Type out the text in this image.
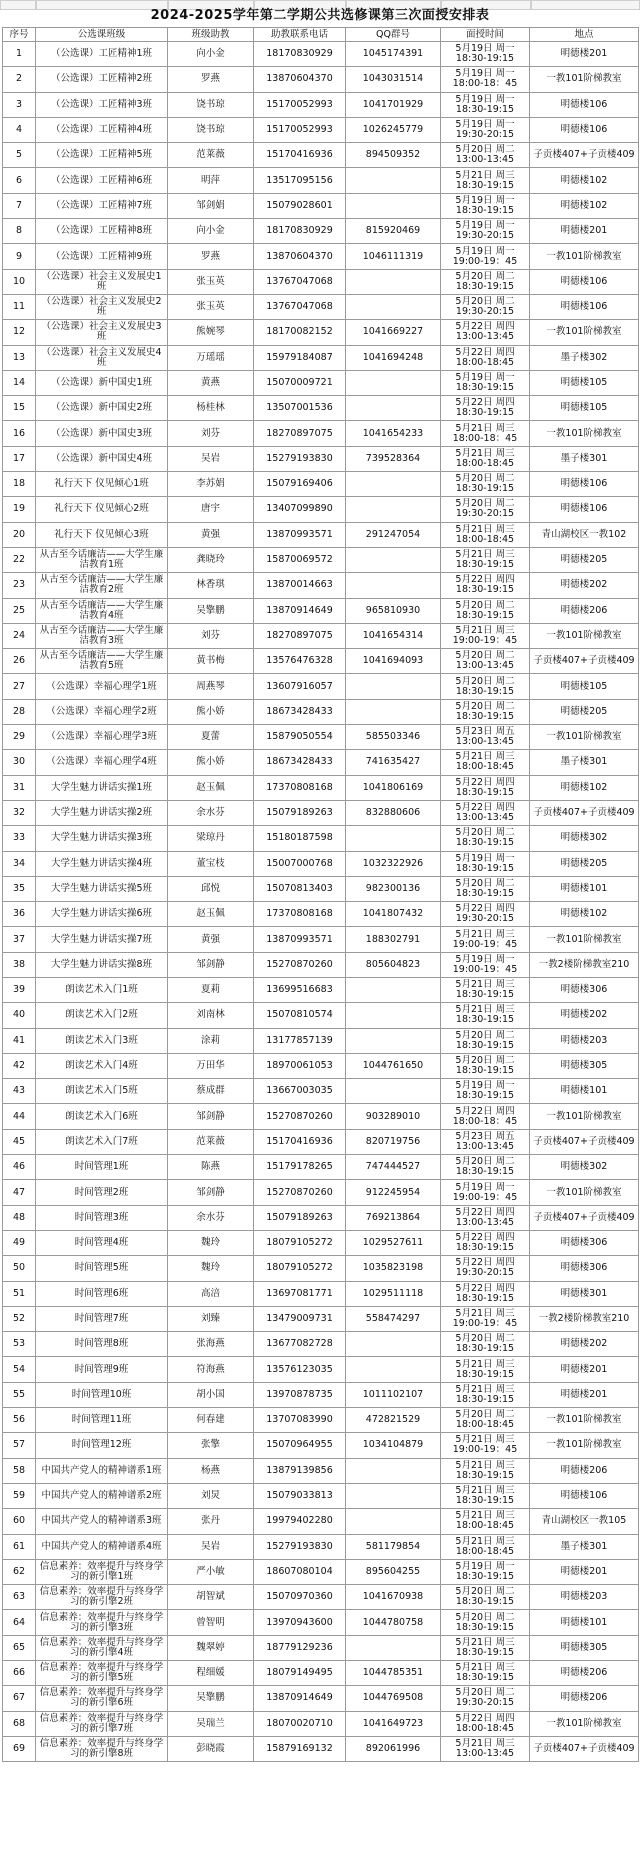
2024-2025学年第二学期公共选修课第三次面授安排表
序号	公选课班级	班级助教	助教联系电话	QQ群号	面授时间	地点
1	（公选课）工匠精神1班	向小金	18170830929	1045174391	5月19日 周一 18:30-19:15	明德楼201
2	（公选课）工匠精神2班	罗燕	13870604370	1043031514	5月19日 周一 18:00-18：45	一教101阶梯教室
3	（公选课）工匠精神3班	饶书琼	15170052993	1041701929	5月19日 周一 18:30-19:15	明德楼106
4	（公选课）工匠精神4班	饶书琼	15170052993	1026245779	5月19日 周一 19:30-20:15	明德楼106
5	（公选课）工匠精神5班	范莱薇	15170416936	894509352	5月20日 周二 13:00-13:45	子贡楼407+子贡楼409
6	（公选课）工匠精神6班	明萍	13517095156		5月21日 周三 18:30-19:15	明德楼102
7	（公选课）工匠精神7班	邹剑娟	15079028601		5月19日 周一 18:30-19:15	明德楼102
8	（公选课）工匠精神8班	向小金	18170830929	815920469	5月19日 周一 19:30-20:15	明德楼201
9	（公选课）工匠精神9班	罗燕	13870604370	1046111319	5月19日 周一 19:00-19：45	一教101阶梯教室
10	（公选课）社会主义发展史1班	张玉英	13767047068		5月20日 周二 18:30-19:15	明德楼106
11	（公选课）社会主义发展史2班	张玉英	13767047068		5月20日 周二 19:30-20:15	明德楼106
12	（公选课）社会主义发展史3班	熊婉琴	18170082152	1041669227	5月22日 周四 13:00-13:45	一教101阶梯教室
13	（公选课）社会主义发展史4班	万瑶瑶	15979184087	1041694248	5月22日 周四 18:00-18:45	墨子楼302
14	（公选课）新中国史1班	黄燕	15070009721		5月19日 周一 18:30-19:15	明德楼105
15	（公选课）新中国史2班	杨桂林	13507001536		5月22日 周四 18:30-19:15	明德楼105
16	（公选课）新中国史3班	刘芬	18270897075	1041654233	5月21日 周三 18:00-18：45	一教101阶梯教室
17	（公选课）新中国史4班	吴岩	15279193830	739528364	5月21日 周三 18:00-18:45	墨子楼301
18	礼行天下 仪见倾心1班	李苏娟	15079169406		5月20日 周二 18:30-19:15	明德楼106
19	礼行天下 仪见倾心2班	唐宇	13407099890		5月20日 周二 19:30-20:15	明德楼106
20	礼行天下 仪见倾心3班	黄强	13870993571	291247054	5月21日 周三 18:00-18:45	青山湖校区一教102
22	从古至今话廉洁——大学生廉洁教育1班	龚晓玲	15870069572		5月21日 周三 18:30-19:15	明德楼205
23	从古至今话廉洁——大学生廉洁教育2班	林香琪	13870014663		5月22日 周四 18:30-19:15	明德楼202
25	从古至今话廉洁——大学生廉洁教育4班	吴擎鹏	13870914649	965810930	5月20日 周二 18:30-19:15	明德楼206
24	从古至今话廉洁——大学生廉洁教育3班	刘芬	18270897075	1041654314	5月21日 周三 19:00-19：45	一教101阶梯教室
26	从古至今话廉洁——大学生廉洁教育5班	黄书梅	13576476328	1041694093	5月20日 周二 13:00-13:45	子贡楼407+子贡楼409
27	（公选课）幸福心理学1班	周燕琴	13607916057		5月20日 周二 18:30-19:15	明德楼105
28	（公选课）幸福心理学2班	熊小娇	18673428433		5月20日 周二 18:30-19:15	明德楼205
29	（公选课）幸福心理学3班	夏蕾	15879050554	585503346	5月23日 周五 13:00-13:45	一教101阶梯教室
30	（公选课）幸福心理学4班	熊小娇	18673428433	741635427	5月21日 周三 18:00-18:45	墨子楼301
31	大学生魅力讲话实操1班	赵玉佩	17370808168	1041806169	5月22日 周四 18:30-19:15	明德楼102
32	大学生魅力讲话实操2班	余水芬	15079189263	832880606	5月22日 周四 13:00-13:45	子贡楼407+子贡楼409
33	大学生魅力讲话实操3班	梁琼丹	15180187598		5月20日 周二 18:30-19:15	明德楼302
34	大学生魅力讲话实操4班	董宝枝	15007000768	1032322926	5月19日 周一 18:30-19:15	明德楼205
35	大学生魅力讲话实操5班	邱悦	15070813403	982300136	5月20日 周二 18:30-19:15	明德楼101
36	大学生魅力讲话实操6班	赵玉佩	17370808168	1041807432	5月22日 周四 19:30-20:15	明德楼102
37	大学生魅力讲话实操7班	黄强	13870993571	188302791	5月21日 周三 19:00-19：45	一教101阶梯教室
38	大学生魅力讲话实操8班	邹剑静	15270870260	805604823	5月19日 周一 19:00-19：45	一教2楼阶梯教室210
39	朗读艺术入门1班	夏莉	13699516683		5月21日 周三 18:30-19:15	明德楼306
40	朗读艺术入门2班	刘南林	15070810574		5月21日 周三 18:30-19:15	明德楼202
41	朗读艺术入门3班	涂莉	13177857139		5月20日 周二 18:30-19:15	明德楼203
42	朗读艺术入门4班	万田华	18970061053	1044761650	5月20日 周二 18:30-19:15	明德楼305
43	朗读艺术入门5班	蔡成群	13667003035		5月19日 周一 18:30-19:15	明德楼101
44	朗读艺术入门6班	邹剑静	15270870260	903289010	5月22日 周四 18:00-18：45	一教101阶梯教室
45	朗读艺术入门7班	范莱薇	15170416936	820719756	5月23日 周五 13:00-13:45	子贡楼407+子贡楼409
46	时间管理1班	陈燕	15179178265	747444527	5月20日 周二 18:30-19:15	明德楼302
47	时间管理2班	邹剑静	15270870260	912245954	5月19日 周一 19:00-19：45	一教101阶梯教室
48	时间管理3班	余水芬	15079189263	769213864	5月22日 周四 13:00-13:45	子贡楼407+子贡楼409
49	时间管理4班	魏玲	18079105272	1029527611	5月22日 周四 18:30-19:15	明德楼306
50	时间管理5班	魏玲	18079105272	1035823198	5月22日 周四 19:30-20:15	明德楼306
51	时间管理6班	高涪	13697081771	1029511118	5月22日 周四 18:30-19:15	明德楼301
52	时间管理7班	刘臻	13479009731	558474297	5月21日 周三 19:00-19：45	一教2楼阶梯教室210
53	时间管理8班	张海燕	13677082728		5月20日 周二 18:30-19:15	明德楼202
54	时间管理9班	符海燕	13576123035		5月21日 周三 18:30-19:15	明德楼201
55	时间管理10班	胡小国	13970878735	1011102107	5月21日 周三 18:30-19:15	明德楼201
56	时间管理11班	何春建	13707083990	472821529	5月20日 周二 18:00-18:45	一教101阶梯教室
57	时间管理12班	张擎	15070964955	1034104879	5月21日 周三 19:00-19：45	一教101阶梯教室
58	中国共产党人的精神谱系1班	杨燕	13879139856		5月21日 周三 18:30-19:15	明德楼206
59	中国共产党人的精神谱系2班	刘炅	15079033813		5月21日 周三 18:30-19:15	明德楼106
60	中国共产党人的精神谱系3班	张丹	19979402280		5月21日 周三 18:00-18:45	青山湖校区一教105
61	中国共产党人的精神谱系4班	吴岩	15279193830	581179854	5月21日 周三 18:00-18:45	墨子楼301
62	信息素养：效率提升与终身学习的新引擎1班	严小敏	18607080104	895604255	5月19日 周一 18:30-19:15	明德楼201
63	信息素养：效率提升与终身学习的新引擎2班	胡智斌	15070970360	1041670938	5月20日 周二 18:30-19:15	明德楼203
64	信息素养：效率提升与终身学习的新引擎3班	曾智明	13970943600	1044780758	5月20日 周二 18:30-19:15	明德楼101
65	信息素养：效率提升与终身学习的新引擎4班	魏翠婷	18779129236		5月21日 周三 18:30-19:15	明德楼305
66	信息素养：效率提升与终身学习的新引擎5班	程细媛	18079149495	1044785351	5月21日 周三 18:30-19:15	明德楼206
67	信息素养：效率提升与终身学习的新引擎6班	吴擎鹏	13870914649	1044769508	5月20日 周二 19:30-20:15	明德楼206
68	信息素养：效率提升与终身学习的新引擎7班	吴瑞兰	18070020710	1041649723	5月22日 周四 18:00-18:45	一教101阶梯教室
69	信息素养：效率提升与终身学习的新引擎8班	彭晓霞	15879169132	892061996	5月21日 周三 13:00-13:45	子贡楼407+子贡楼409
